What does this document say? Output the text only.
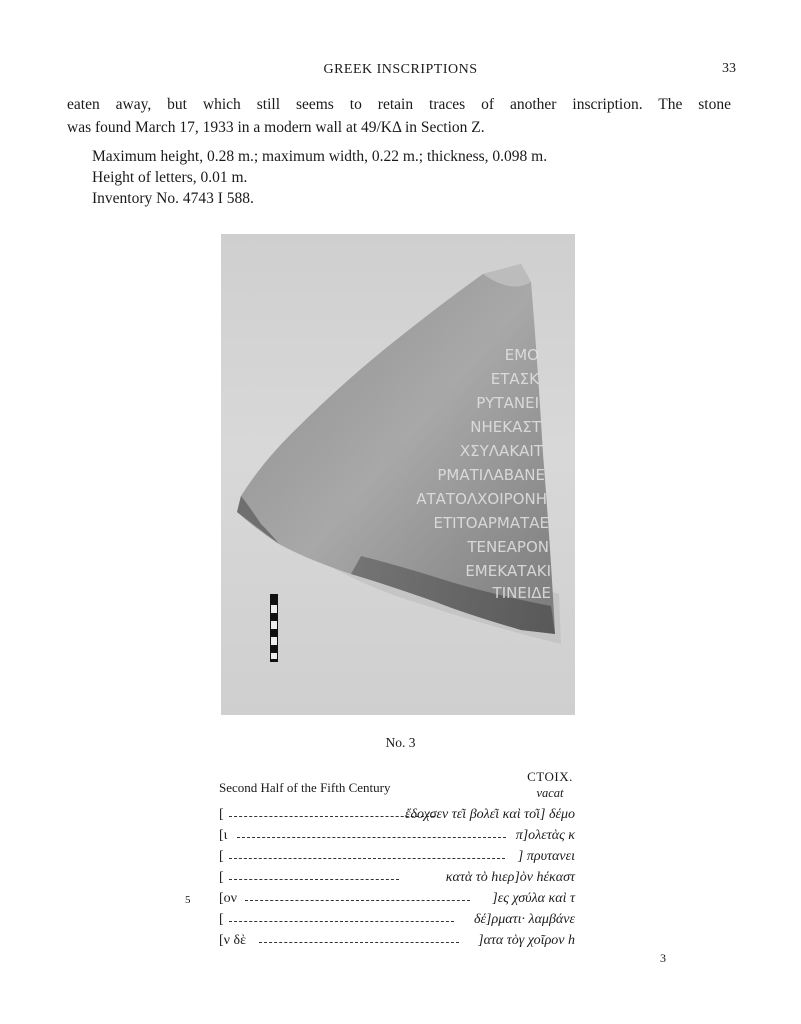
GREEK INSCRIPTIONS	33
eaten away, but which still seems to retain traces of another inscription. The stone
was found March 17, 1933 in a modern wall at 49/KΔ in Section Z.
Maximum height, 0.28 m.; maximum width, 0.22 m.; thickness, 0.098 m.
Height of letters, 0.01 m.
Inventory No. 4743 I 588.
ΕΜΟ
ΕΤΑΣΚ
ΡΥΤΑΝΕΙ
ΝΗΕΚΑΣΤ
ΧΣΥΛΑΚΑΙΤ
ΡΜΑΤΙΛΑΒΑΝΕ
ΑΤΑΤΟΛΧΟΙΡΟΝΗ
ΕΤΙΤΟΑΡΜΑΤΑΕ
ΤΕΝΕΑΡΟΝ
ΕΜΕΚΑΤΑΚΙ
ΤΙΝΕΙΔΕ
No. 3
Second Half of the Fifth Century
CTOIX.
vacat
[	ἔδοχσεν τε͂ι βολε͂ι καὶ το͂ι] δέμο
[ι	π]ολετὰς κ
[	] πρυτανει
[	κατὰ τὸ hιερ]ὸν hέκαστ
5 [ον	]ες χσύλα καὶ τ
[	δέ]ρματι· λαμβάνε
[ν δὲ	]ατα τὸγ χοῖρον h
3
